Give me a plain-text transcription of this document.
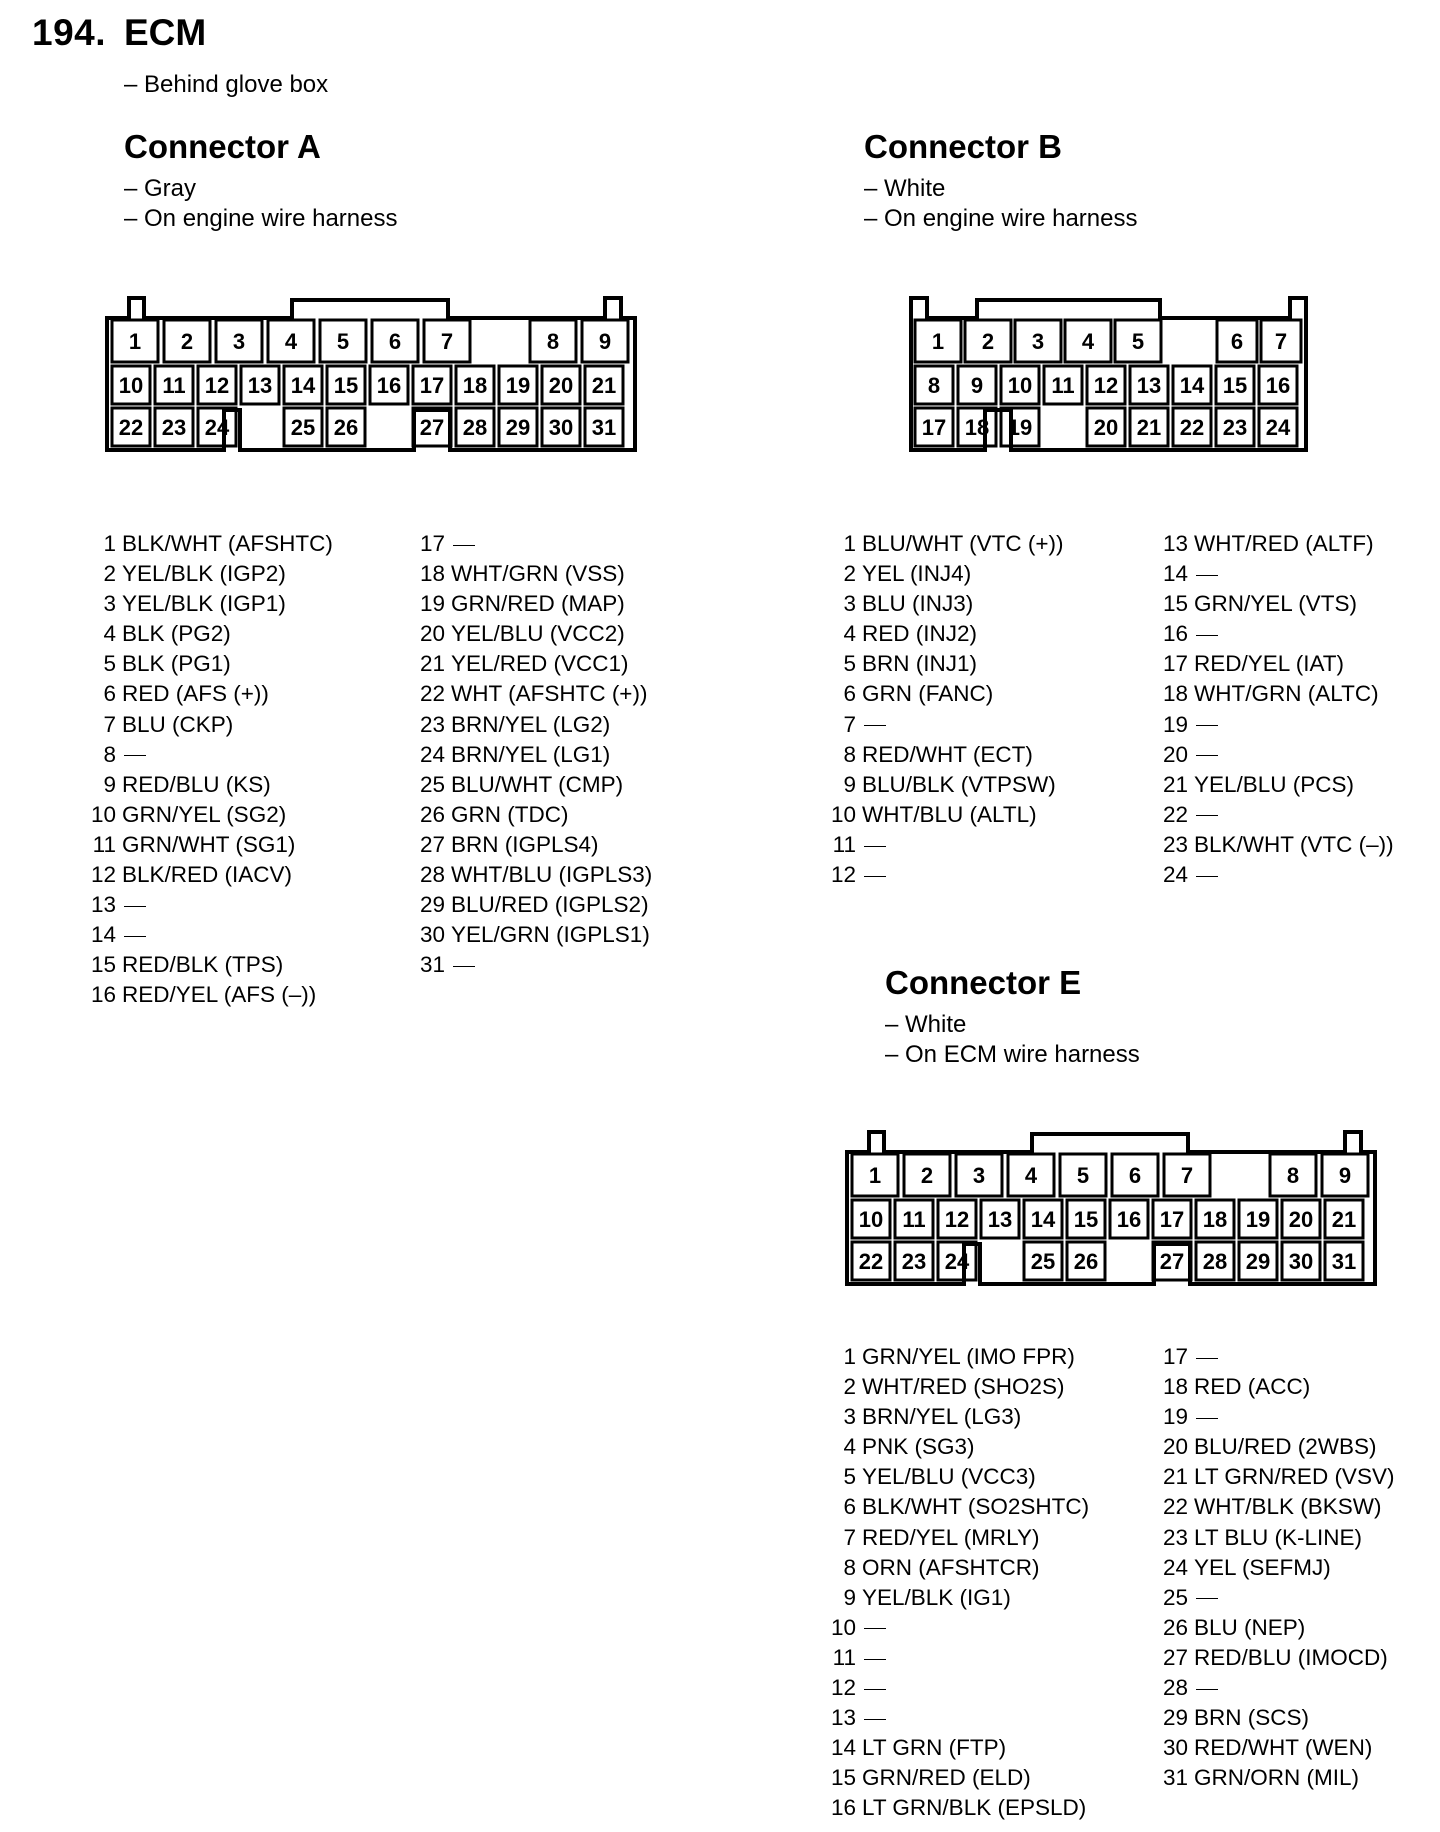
194. ECM
– Behind glove box
Connector A
– Gray
– On engine wire harness
Connector B
– White
– On engine wire harness
Connector E
– White
– On ECM wire harness
1 2 3 4 5 6 7	8 9
10 11 12 13 14 15 16 17 18 19 20 21
22 23 24	25 26	27 28 29 30 31
1 2 3 4 5	6 7
8 9 10 11 12 13 14 15 16
17 18 19	20 21 22 23 24
1 2 3 4 5 6 7	8 9
10 11 12 13 14 15 16 17 18 19 20 21
22 23 24	25 26	27 28 29 30 31
1 BLK/WHT (AFSHTC)
2 YEL/BLK (IGP2)
3 YEL/BLK (IGP1)
4 BLK (PG2)
5 BLK (PG1)
6 RED (AFS (+))
7 BLU (CKP)
8
9 RED/BLU (KS)
10 GRN/YEL (SG2)
11 GRN/WHT (SG1)
12 BLK/RED (IACV)
13
14
15 RED/BLK (TPS)
16 RED/YEL (AFS (–))
17
18 WHT/GRN (VSS)
19 GRN/RED (MAP)
20 YEL/BLU (VCC2)
21 YEL/RED (VCC1)
22 WHT (AFSHTC (+))
23 BRN/YEL (LG2)
24 BRN/YEL (LG1)
25 BLU/WHT (CMP)
26 GRN (TDC)
27 BRN (IGPLS4)
28 WHT/BLU (IGPLS3)
29 BLU/RED (IGPLS2)
30 YEL/GRN (IGPLS1)
31
1 BLU/WHT (VTC (+))
2 YEL (INJ4)
3 BLU (INJ3)
4 RED (INJ2)
5 BRN (INJ1)
6 GRN (FANC)
7
8 RED/WHT (ECT)
9 BLU/BLK (VTPSW)
10 WHT/BLU (ALTL)
11
12
13 WHT/RED (ALTF)
14
15 GRN/YEL (VTS)
16
17 RED/YEL (IAT)
18 WHT/GRN (ALTC)
19
20
21 YEL/BLU (PCS)
22
23 BLK/WHT (VTC (–))
24
1 GRN/YEL (IMO FPR)
2 WHT/RED (SHO2S)
3 BRN/YEL (LG3)
4 PNK (SG3)
5 YEL/BLU (VCC3)
6 BLK/WHT (SO2SHTC)
7 RED/YEL (MRLY)
8 ORN (AFSHTCR)
9 YEL/BLK (IG1)
10
11
12
13
14 LT GRN (FTP)
15 GRN/RED (ELD)
16 LT GRN/BLK (EPSLD)
17
18 RED (ACC)
19
20 BLU/RED (2WBS)
21 LT GRN/RED (VSV)
22 WHT/BLK (BKSW)
23 LT BLU (K-LINE)
24 YEL (SEFMJ)
25
26 BLU (NEP)
27 RED/BLU (IMOCD)
28
29 BRN (SCS)
30 RED/WHT (WEN)
31 GRN/ORN (MIL)
